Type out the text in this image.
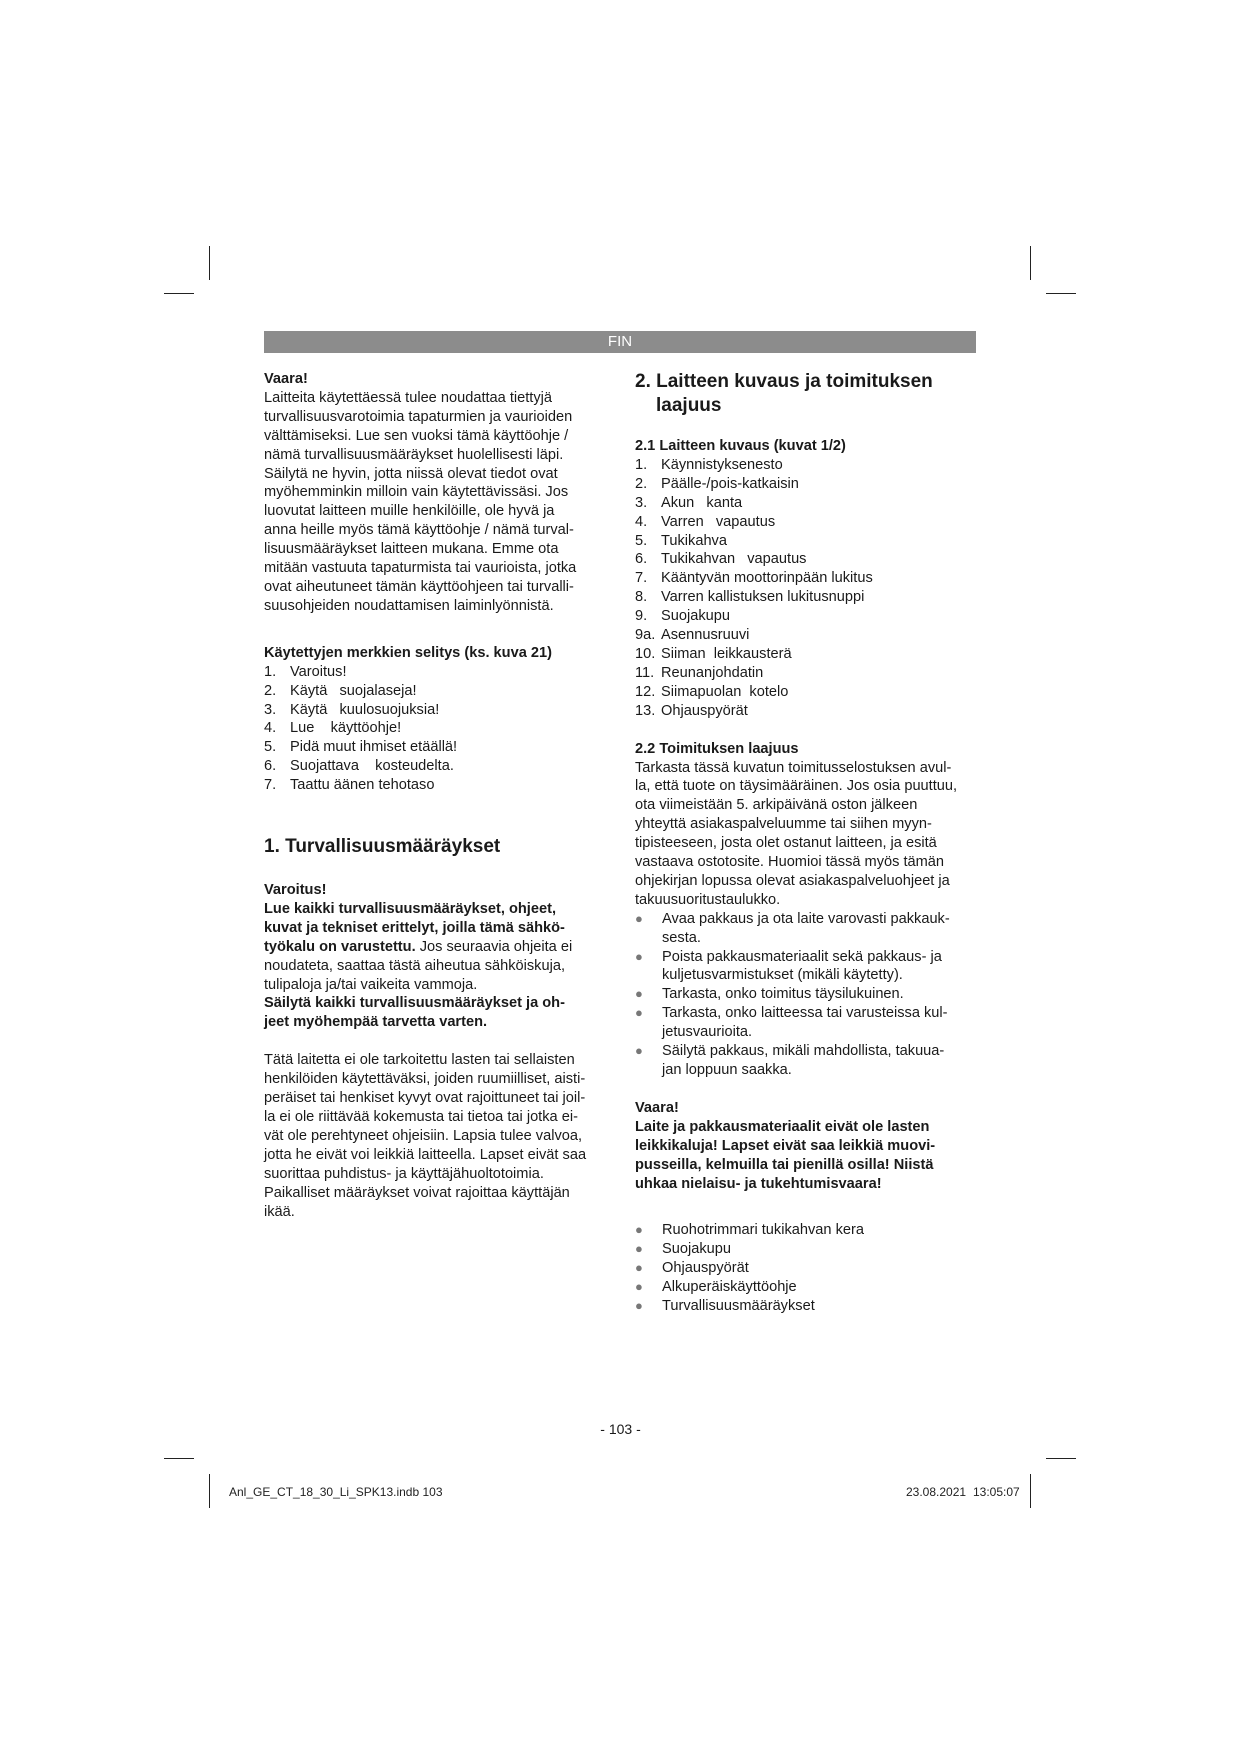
FIN

Vaara!

Laitteita käytettäessä tulee noudattaa tiettyjä

turvallisuusvarotoimia tapaturmien ja vaurioiden

välttämiseksi. Lue sen vuoksi tämä käyttöohje /

nämä turvallisuusmääräykset huolellisesti läpi.

Säilytä ne hyvin, jotta niissä olevat tiedot ovat

myöhemminkin milloin vain käytettävissäsi. Jos

luovutat laitteen muille henkilöille, ole hyvä ja

anna heille myös tämä käyttöohje / nämä turval-

lisuusmääräykset laitteen mukana. Emme ota

mitään vastuuta tapaturmista tai vaurioista, jotka

ovat aiheutuneet tämän käyttöohjeen tai turvalli-

suusohjeiden noudattamisen laiminlyönnistä.

Käytettyjen merkkien selitys (ks. kuva 21)

1. Varoitus!
2. Käytä   suojalaseja!
3. Käytä   kuulosuojuksia!
4. Lue    käyttöohje!
5. Pidä muut ihmiset etäällä!
6. Suojattava    kosteudelta.
7. Taattu äänen tehotaso

1. Turvallisuusmääräykset

Varoitus!

Lue kaikki turvallisuusmääräykset, ohjeet,

kuvat ja tekniset erittelyt, joilla tämä sähkö-

työkalu on varustettu. Jos seuraavia ohjeita ei

noudateta, saattaa tästä aiheutua sähköiskuja,

tulipaloja ja/tai vaikeita vammoja.

Säilytä kaikki turvallisuusmääräykset ja oh-

jeet myöhempää tarvetta varten.

Tätä laitetta ei ole tarkoitettu lasten tai sellaisten

henkilöiden käytettäväksi, joiden ruumiilliset, aisti-

peräiset tai henkiset kyvyt ovat rajoittuneet tai joil-

la ei ole riittävää kokemusta tai tietoa tai jotka ei-

vät ole perehtyneet ohjeisiin. Lapsia tulee valvoa,

jotta he eivät voi leikkiä laitteella. Lapset eivät saa

suorittaa puhdistus- ja käyttäjähuoltotoimia.

Paikalliset määräykset voivat rajoittaa käyttäjän

ikää.

2. Laitteen kuvaus ja toimituksen

laajuus

2.1 Laitteen kuvaus (kuvat 1/2)

1. Käynnistyksenesto
2. Päälle-/pois-katkaisin
3. Akun   kanta
4. Varren   vapautus
5. Tukikahva
6. Tukikahvan   vapautus
7. Kääntyvän moottorinpään lukitus
8. Varren kallistuksen lukitusnuppi
9. Suojakupu
9a. Asennusruuvi
10. Siiman  leikkausterä
11. Reunanjohdatin
12. Siimapuolan  kotelo
13. Ohjauspyörät

2.2 Toimituksen laajuus

Tarkasta tässä kuvatun toimitusselostuksen avul-

la, että tuote on täysimääräinen. Jos osia puuttuu,

ota viimeistään 5. arkipäivänä oston jälkeen

yhteyttä asiakaspalveluumme tai siihen myyn-

tipisteeseen, josta olet ostanut laitteen, ja esitä

vastaava ostotosite. Huomioi tässä myös tämän

ohjekirjan lopussa olevat asiakaspalveluohjeet ja

takuusuoritustaulukko.

●	Avaa pakkaus ja ota laite varovasti pakkauk-
sesta.
●	Poista pakkausmateriaalit sekä pakkaus- ja
kuljetusvarmistukset (mikäli käytetty).
●	Tarkasta, onko toimitus täysilukuinen.
●	Tarkasta, onko laitteessa tai varusteissa kul-
jetusvaurioita.
●	Säilytä pakkaus, mikäli mahdollista, takuua-
jan loppuun saakka.

Vaara!

Laite ja pakkausmateriaalit eivät ole lasten

leikkikaluja! Lapset eivät saa leikkiä muovi-

pusseilla, kelmuilla tai pienillä osilla! Niistä

uhkaa nielaisu- ja tukehtumisvaara!

●	Ruohotrimmari tukikahvan kera
●	Suojakupu
●	Ohjauspyörät
●	Alkuperäiskäyttöohje
●	Turvallisuusmääräykset
- 103 -
Anl_GE_CT_18_30_Li_SPK13.indb 103	23.08.2021 13:05:07
